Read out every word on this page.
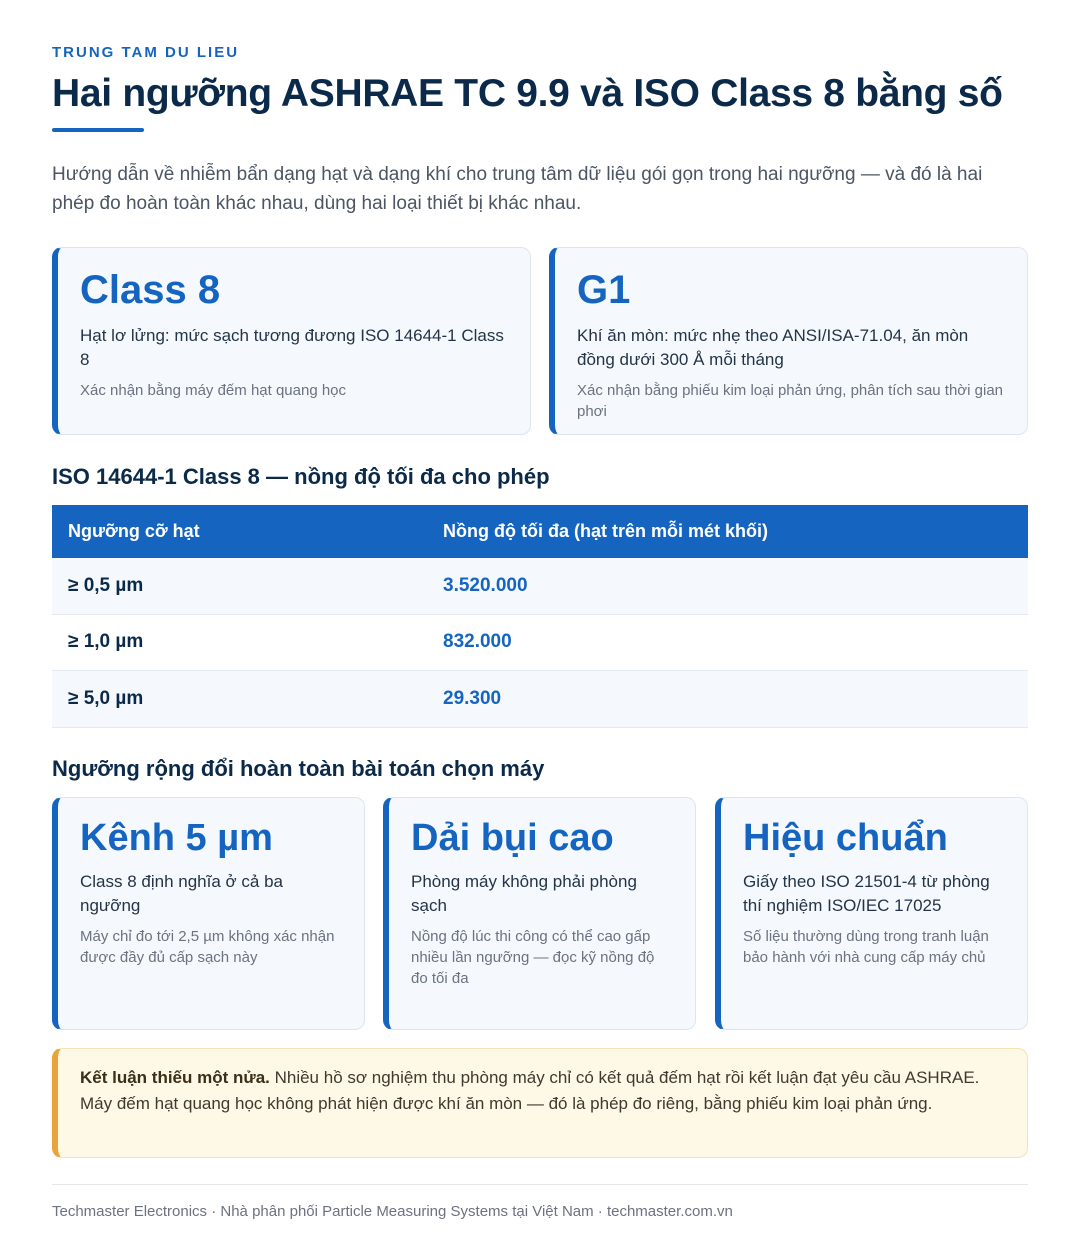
TRUNG TAM DU LIEU
Hai ngưỡng ASHRAE TC 9.9 và ISO Class 8 bằng số

Hướng dẫn về nhiễm bẩn dạng hạt và dạng khí cho trung tâm dữ liệu gói gọn trong hai ngưỡng — và đó là hai phép đo hoàn toàn khác nhau, dùng hai loại thiết bị khác nhau.

Class 8
Hạt lơ lửng: mức sạch tương đương ISO 14644-1 Class 8
Xác nhận bằng máy đếm hạt quang học
G1
Khí ăn mòn: mức nhẹ theo ANSI/ISA-71.04, ăn mòn đồng dưới 300 Å mỗi tháng
Xác nhận bằng phiếu kim loại phản ứng, phân tích sau thời gian phơi
ISO 14644-1 Class 8 — nồng độ tối đa cho phép
Ngưỡng cỡ hạt	Nồng độ tối đa (hạt trên mỗi mét khối)
≥ 0,5 µm	3.520.000
≥ 1,0 µm	832.000
≥ 5,0 µm	29.300
Ngưỡng rộng đổi hoàn toàn bài toán chọn máy
Kênh 5 µm
Class 8 định nghĩa ở cả ba ngưỡng
Máy chỉ đo tới 2,5 µm không xác nhận được đầy đủ cấp sạch này
Dải bụi cao
Phòng máy không phải phòng sạch
Nồng độ lúc thi công có thể cao gấp nhiều lần ngưỡng — đọc kỹ nồng độ đo tối đa
Hiệu chuẩn
Giấy theo ISO 21501-4 từ phòng thí nghiệm ISO/IEC 17025
Số liệu thường dùng trong tranh luận bảo hành với nhà cung cấp máy chủ
Kết luận thiếu một nửa. Nhiều hồ sơ nghiệm thu phòng máy chỉ có kết quả đếm hạt rồi kết luận đạt yêu cầu ASHRAE. Máy đếm hạt quang học không phát hiện được khí ăn mòn — đó là phép đo riêng, bằng phiếu kim loại phản ứng.
Techmaster Electronics · Nhà phân phối Particle Measuring Systems tại Việt Nam · techmaster.com.vn
